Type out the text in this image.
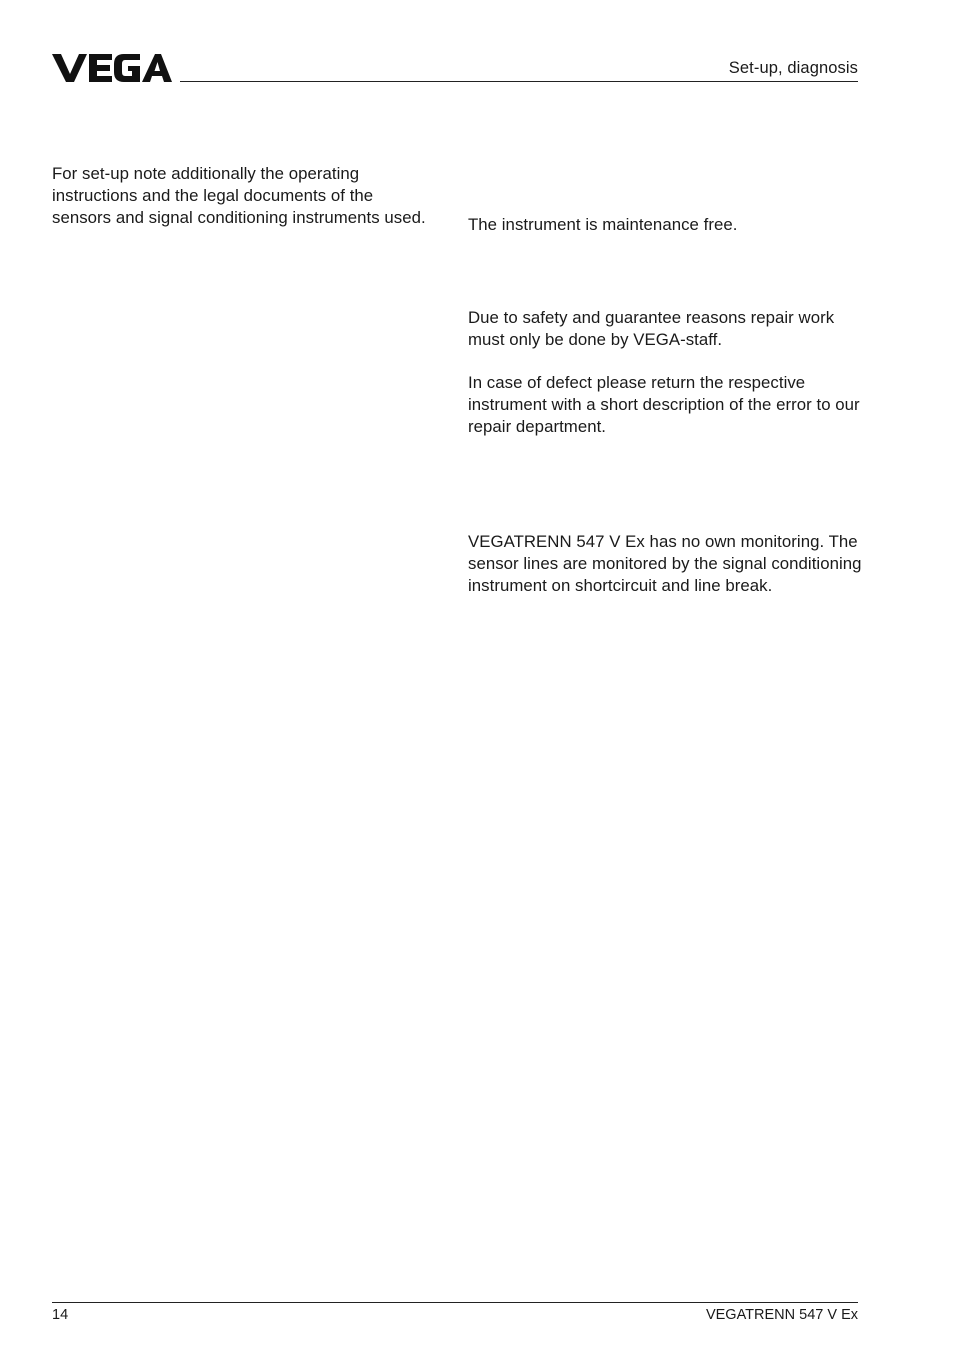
Set-up, diagnosis

For set-up note additionally the operating instructions and the legal documents of the sensors and signal conditioning instruments used.	The instrument is maintenance free.

Due to safety and guarantee reasons repair work must only be done by VEGA-staff.

In case of defect please return the respective instrument with a short description of the error to our repair department.

VEGATRENN 547 V Ex has no own monitoring. The sensor lines are monitored by the signal conditioning instrument on shortcircuit and line break.

14	VEGATRENN 547 V Ex
